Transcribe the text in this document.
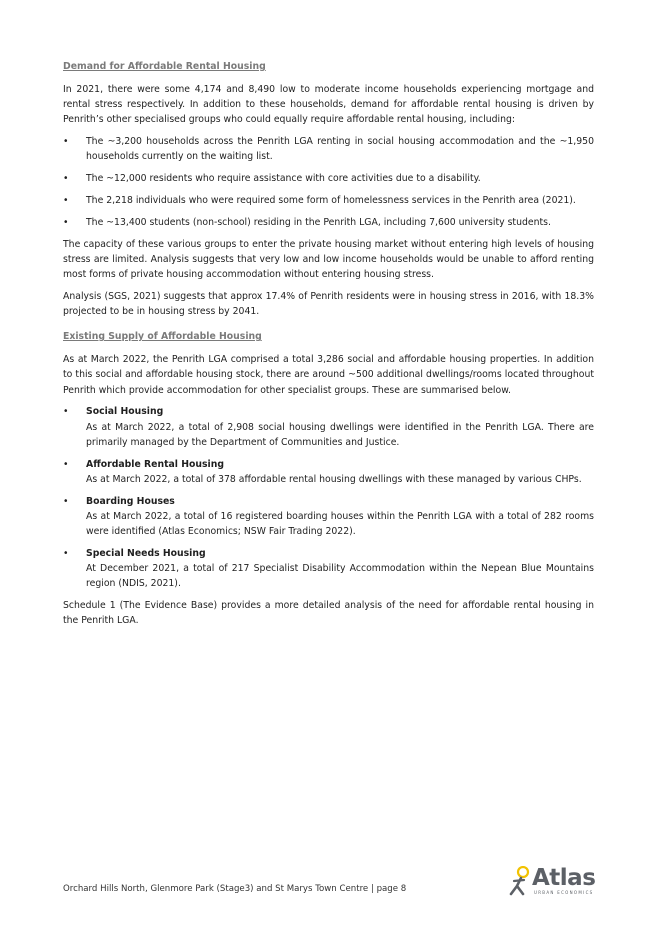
Demand for Affordable Rental Housing

In 2021, there were some 4,174 and 8,490 low to moderate income households experiencing mortgage and rental stress respectively. In addition to these households, demand for affordable rental housing is driven by Penrith’s other specialised groups who could equally require affordable rental housing, including:

• The ~3,200 households across the Penrith LGA renting in social housing accommodation and the ~1,950 households currently on the waiting list.
• The ~12,000 residents who require assistance with core activities due to a disability.
• The 2,218 individuals who were required some form of homelessness services in the Penrith area (2021).
• The ~13,400 students (non-school) residing in the Penrith LGA, including 7,600 university students.

The capacity of these various groups to enter the private housing market without entering high levels of housing stress are limited. Analysis suggests that very low and low income households would be unable to afford renting most forms of private housing accommodation without entering housing stress.

Analysis (SGS, 2021) suggests that approx 17.4% of Penrith residents were in housing stress in 2016, with 18.3% projected to be in housing stress by 2041.

Existing Supply of Affordable Housing

As at March 2022, the Penrith LGA comprised a total 3,286 social and affordable housing properties. In addition to this social and affordable housing stock, there are around ~500 additional dwellings/rooms located throughout Penrith which provide accommodation for other specialist groups. These are summarised below.

• Social Housing
As at March 2022, a total of 2,908 social housing dwellings were identified in the Penrith LGA. There are primarily managed by the Department of Communities and Justice.
• Affordable Rental Housing
As at March 2022, a total of 378 affordable rental housing dwellings with these managed by various CHPs.
• Boarding Houses
As at March 2022, a total of 16 registered boarding houses within the Penrith LGA with a total of 282 rooms were identified (Atlas Economics; NSW Fair Trading 2022).
• Special Needs Housing
At December 2021, a total of 217 Specialist Disability Accommodation within the Nepean Blue Mountains region (NDIS, 2021).

Schedule 1 (The Evidence Base) provides a more detailed analysis of the need for affordable rental housing in the Penrith LGA.

Orchard Hills North, Glenmore Park (Stage3) and St Marys Town Centre | page 8	Atlas
URBAN ECONOMICS
